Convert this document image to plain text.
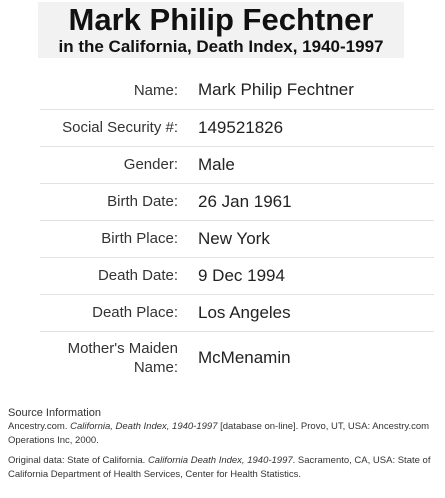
Mark Philip Fechtner
in the California, Death Index, 1940-1997
Name:	Mark Philip Fechtner
Social Security #:	149521826
Gender:	Male
Birth Date:	26 Jan 1961
Birth Place:	New York
Death Date:	9 Dec 1994
Death Place:	Los Angeles

Mother's Maiden Name:	McMenamin
Source Information

Ancestry.com. California, Death Index, 1940-1997 [database on-line]. Provo, UT, USA: Ancestry.com Operations Inc, 2000.

Original data: State of California. California Death Index, 1940-1997. Sacramento, CA, USA: State of California Department of Health Services, Center for Health Statistics.
